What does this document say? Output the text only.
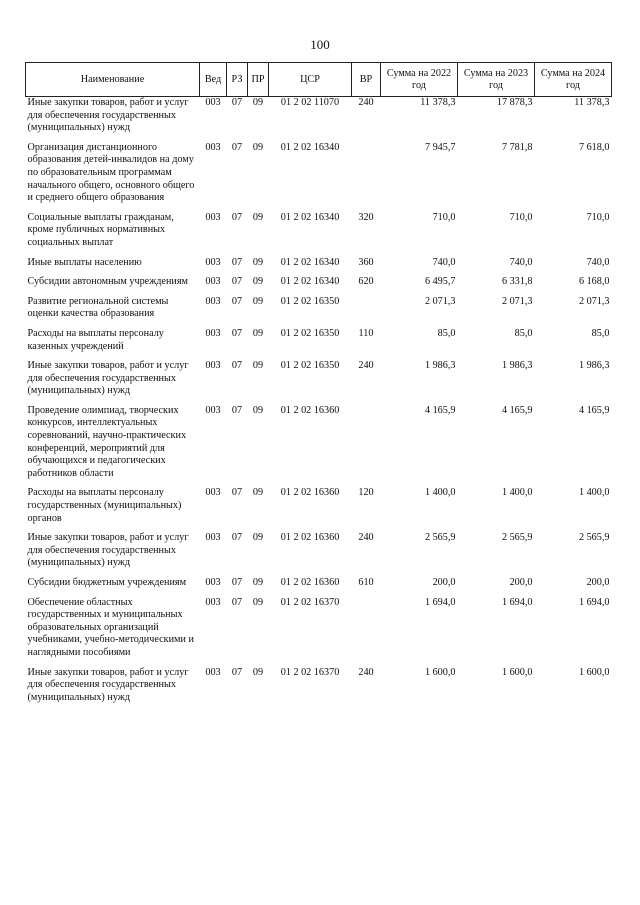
100
Наименование	Вед	РЗ	ПР	ЦСР	ВР	Сумма на 2022 год	Сумма на 2023 год	Сумма на 2024 год
Иные закупки товаров, работ и услуг для обеспечения государственных (муниципальных) нужд	003	07	09	01 2 02 11070	240	11 378,3	17 878,3	11 378,3
Организация дистанционного образования детей-инвалидов на дому по образовательным программам начального общего, основного общего и среднего общего образования	003	07	09	01 2 02 16340		7 945,7	7 781,8	7 618,0
Социальные выплаты гражданам, кроме публичных нормативных социальных выплат	003	07	09	01 2 02 16340	320	710,0	710,0	710,0
Иные выплаты населению	003	07	09	01 2 02 16340	360	740,0	740,0	740,0
Субсидии автономным учреждениям	003	07	09	01 2 02 16340	620	6 495,7	6 331,8	6 168,0
Развитие региональной системы оценки качества образования	003	07	09	01 2 02 16350		2 071,3	2 071,3	2 071,3
Расходы на выплаты персоналу казенных учреждений	003	07	09	01 2 02 16350	110	85,0	85,0	85,0
Иные закупки товаров, работ и услуг для обеспечения государственных (муниципальных) нужд	003	07	09	01 2 02 16350	240	1 986,3	1 986,3	1 986,3
Проведение олимпиад, творческих конкурсов, интеллектуальных соревнований, научно-практических конференций, мероприятий для обучающихся и педагогических работников области	003	07	09	01 2 02 16360		4 165,9	4 165,9	4 165,9
Расходы на выплаты персоналу государственных (муниципальных) органов	003	07	09	01 2 02 16360	120	1 400,0	1 400,0	1 400,0
Иные закупки товаров, работ и услуг для обеспечения государственных (муниципальных) нужд	003	07	09	01 2 02 16360	240	2 565,9	2 565,9	2 565,9
Субсидии бюджетным учреждениям	003	07	09	01 2 02 16360	610	200,0	200,0	200,0
Обеспечение областных государственных и муниципальных образовательных организаций учебниками, учебно-методическими и наглядными пособиями	003	07	09	01 2 02 16370		1 694,0	1 694,0	1 694,0
Иные закупки товаров, работ и услуг для обеспечения государственных (муниципальных) нужд	003	07	09	01 2 02 16370	240	1 600,0	1 600,0	1 600,0
